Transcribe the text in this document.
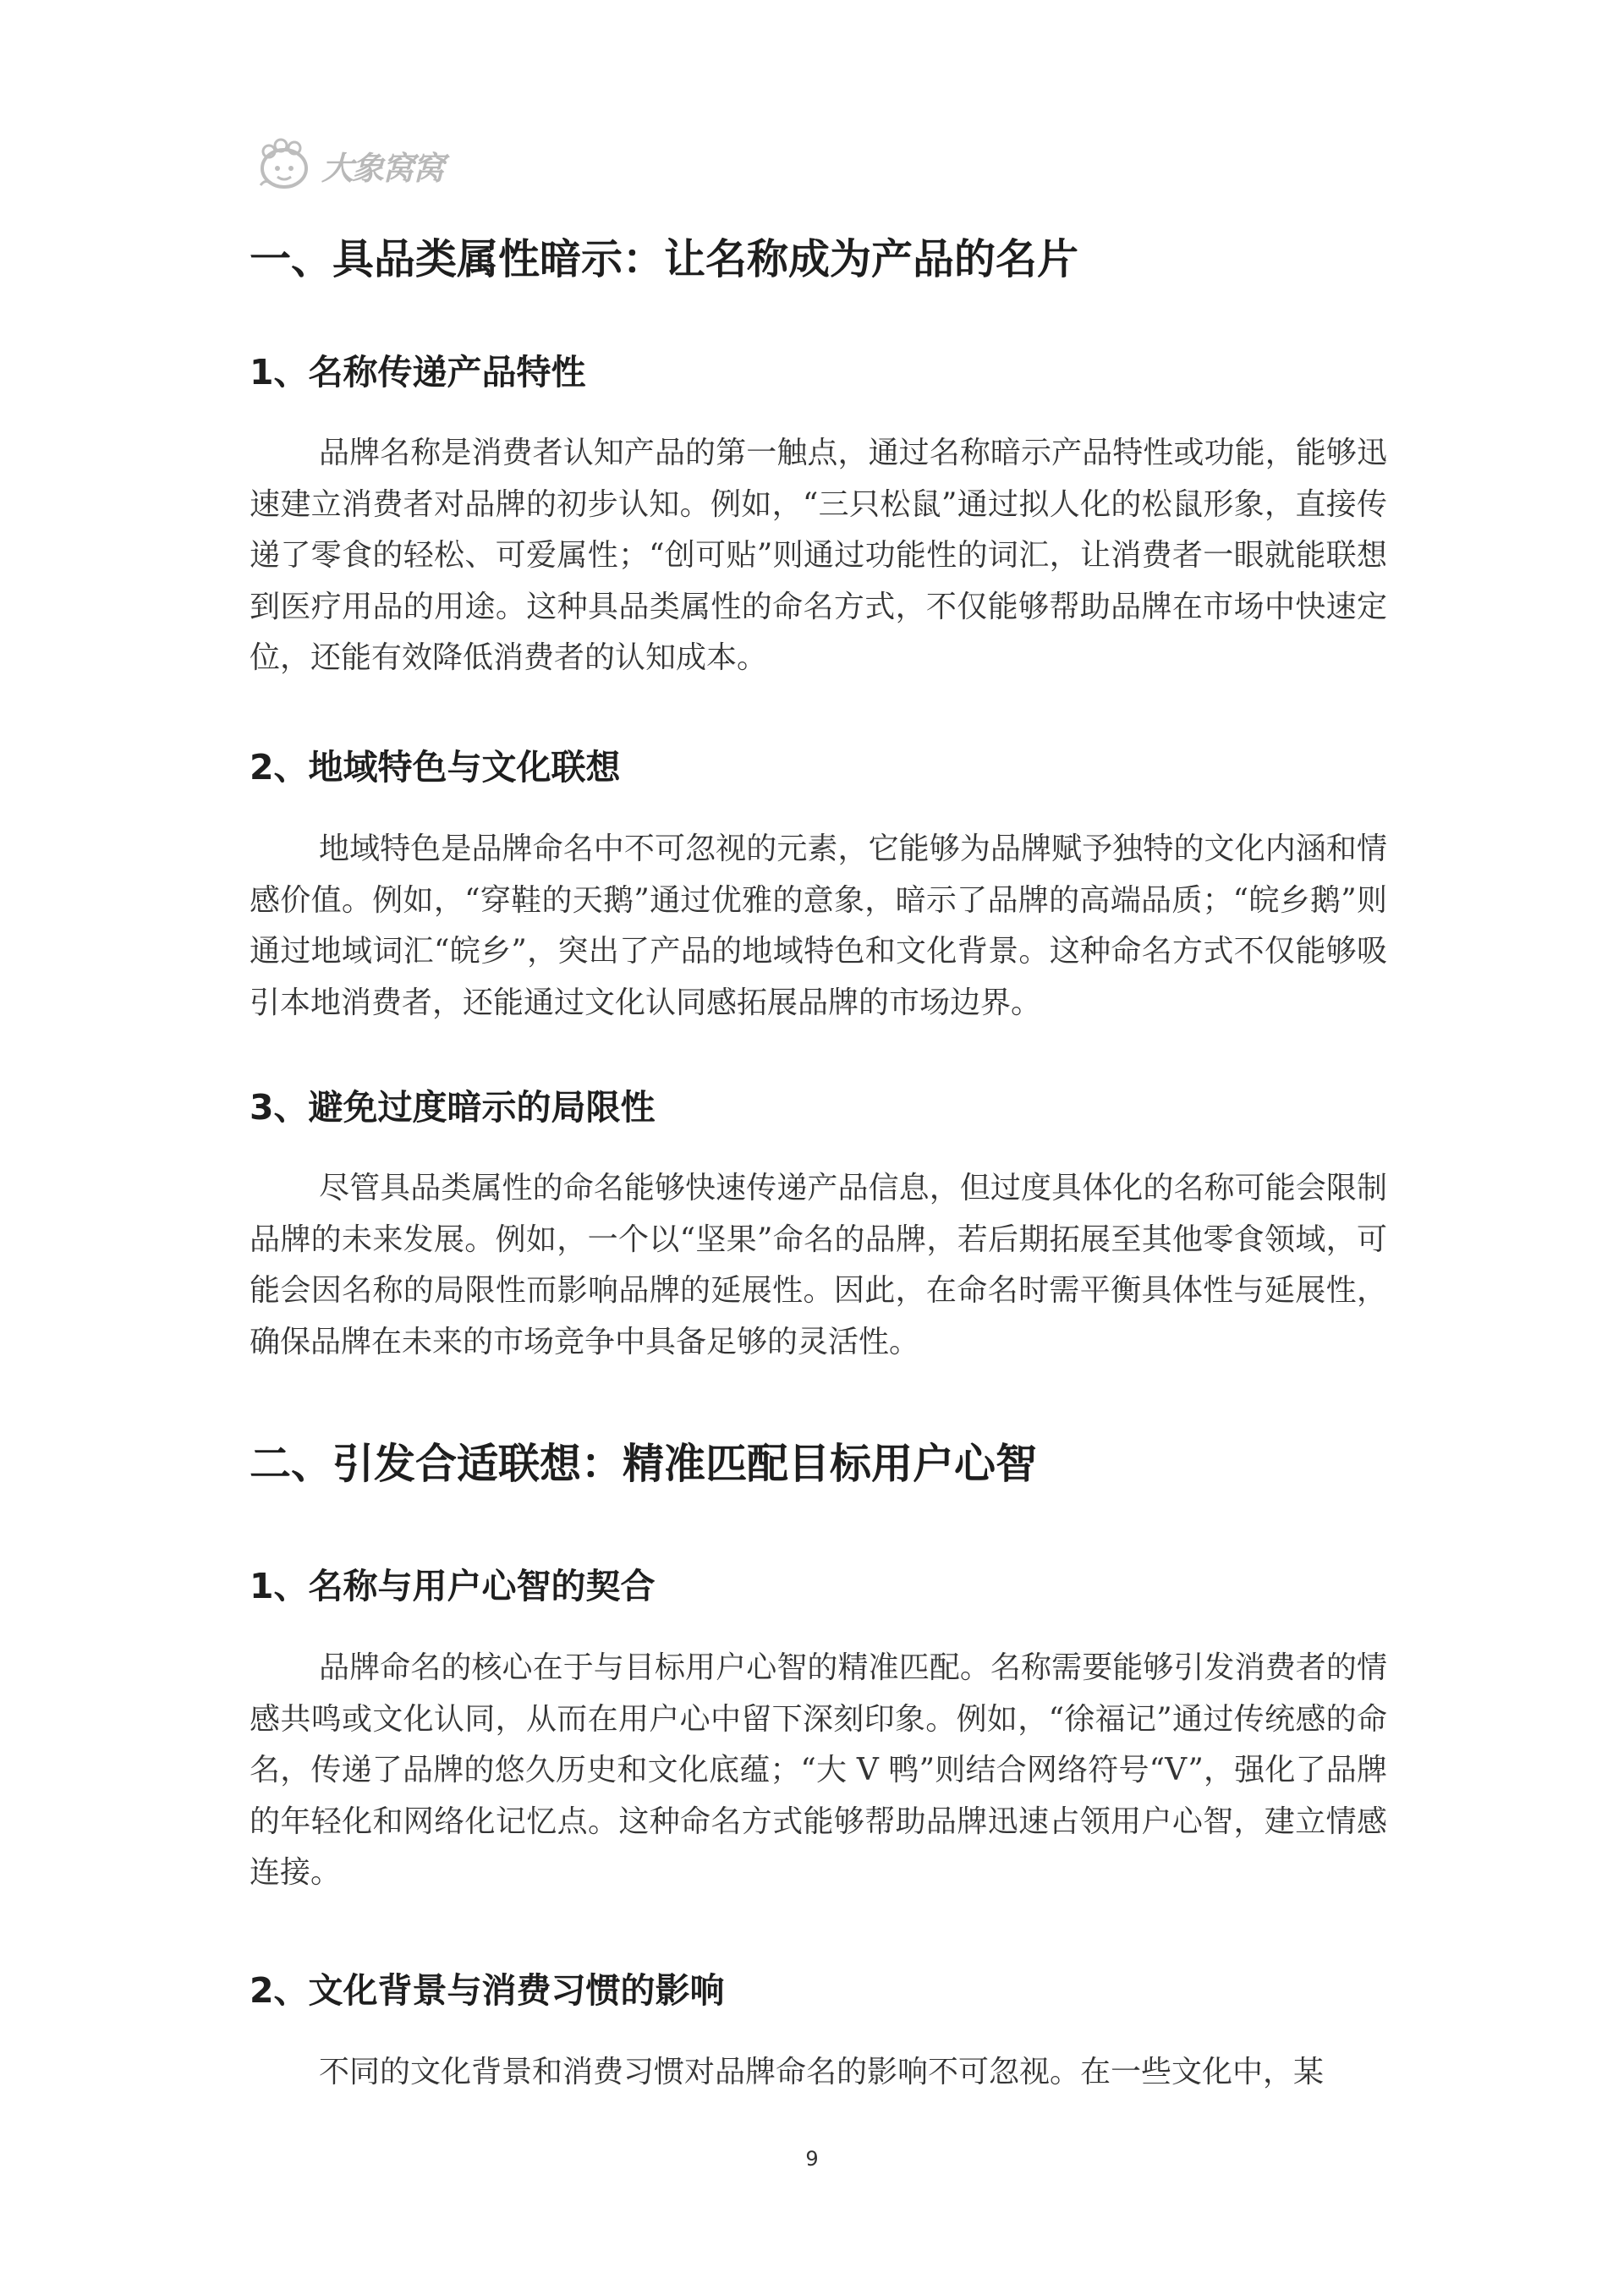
大象窝窝
一、具品类属性暗示：让名称成为产品的名片
1、名称传递产品特性

品牌名称是消费者认知产品的第一触点，通过名称暗示产品特性或功能，能够迅速建立消费者对品牌的初步认知。例如，“三只松鼠”通过拟人化的松鼠形象，直接传递了零食的轻松、可爱属性；“创可贴”则通过功能性的词汇，让消费者一眼就能联想到医疗用品的用途。这种具品类属性的命名方式，不仅能够帮助品牌在市场中快速定位，还能有效降低消费者的认知成本。

2、地域特色与文化联想

地域特色是品牌命名中不可忽视的元素，它能够为品牌赋予独特的文化内涵和情感价值。例如，“穿鞋的天鹅”通过优雅的意象，暗示了品牌的高端品质；“皖乡鹅”则通过地域词汇“皖乡”，突出了产品的地域特色和文化背景。这种命名方式不仅能够吸引本地消费者，还能通过文化认同感拓展品牌的市场边界。

3、避免过度暗示的局限性

尽管具品类属性的命名能够快速传递产品信息，但过度具体化的名称可能会限制品牌的未来发展。例如，一个以“坚果”命名的品牌，若后期拓展至其他零食领域，可能会因名称的局限性而影响品牌的延展性。因此，在命名时需平衡具体性与延展性，确保品牌在未来的市场竞争中具备足够的灵活性。

二、引发合适联想：精准匹配目标用户心智
1、名称与用户心智的契合

品牌命名的核心在于与目标用户心智的精准匹配。名称需要能够引发消费者的情感共鸣或文化认同，从而在用户心中留下深刻印象。例如，“徐福记”通过传统感的命名，传递了品牌的悠久历史和文化底蕴；“大 V 鸭”则结合网络符号“V”，强化了品牌的年轻化和网络化记忆点。这种命名方式能够帮助品牌迅速占领用户心智，建立情感连接。

2、文化背景与消费习惯的影响

不同的文化背景和消费习惯对品牌命名的影响不可忽视。在一些文化中，某

9
